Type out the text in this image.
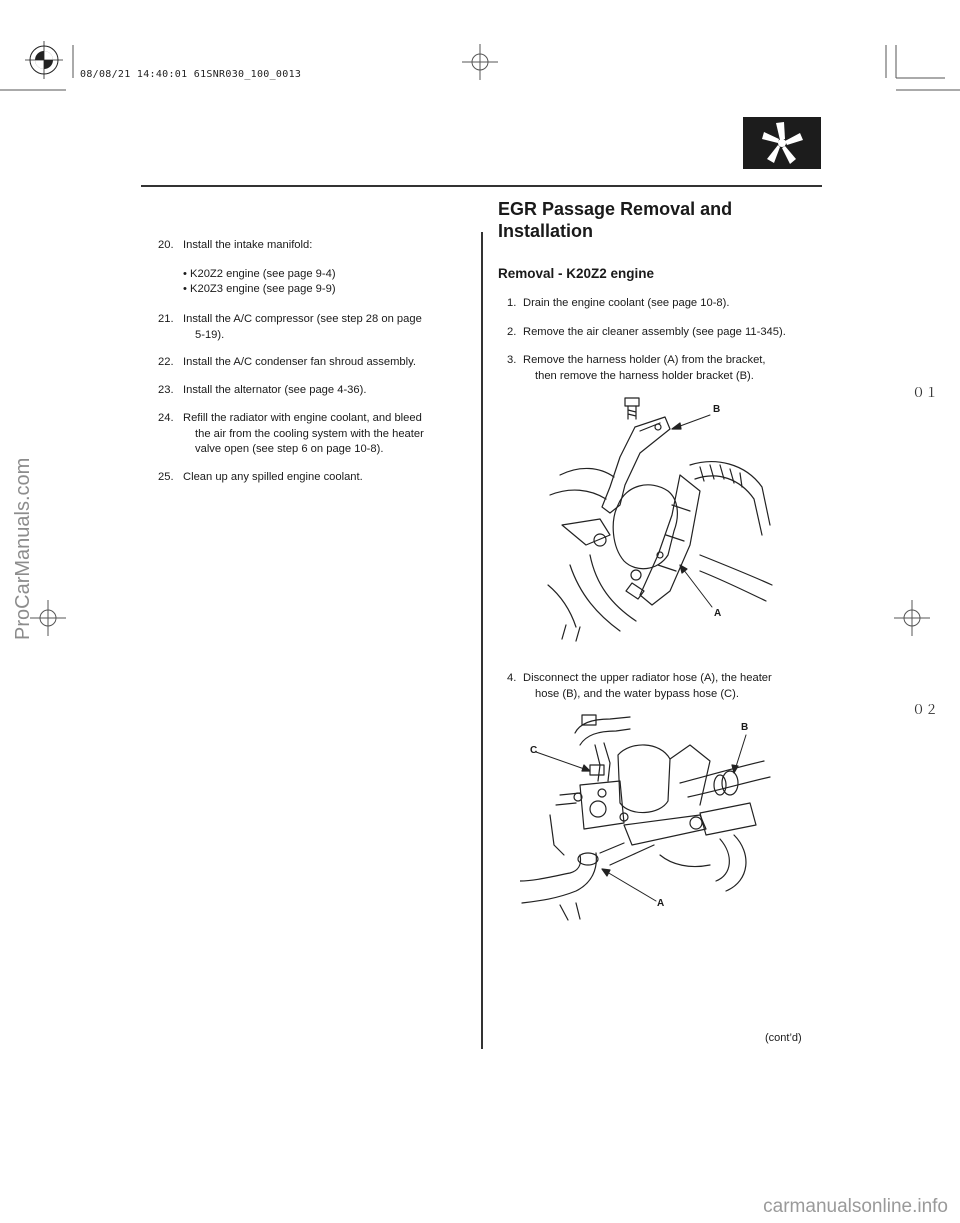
08/08/21 14:40:01 61SNR030_100_0013
EGR Passage Removal and
Installation
Removal - K20Z2 engine
20. Install the intake manifold:
• K20Z2 engine (see page 9-4)
• K20Z3 engine (see page 9-9)
21. Install the A/C compressor (see step 28 on page
5-19).
22. Install the A/C condenser fan shroud assembly.
23. Install the alternator (see page 4-36).
24. Refill the radiator with engine coolant, and bleed
the air from the cooling system with the heater
valve open (see step 6 on page 10-8).
25. Clean up any spilled engine coolant.
1. Drain the engine coolant (see page 10-8).
2. Remove the air cleaner assembly (see page 11-345).
3. Remove the harness holder (A) from the bracket,
then remove the harness holder bracket (B).
4. Disconnect the upper radiator hose (A), the heater
hose (B), and the water bypass hose (C).
B
A
B
C
A
(cont’d)
０１
０２
ProCarManuals.com
carmanualsonline.info
